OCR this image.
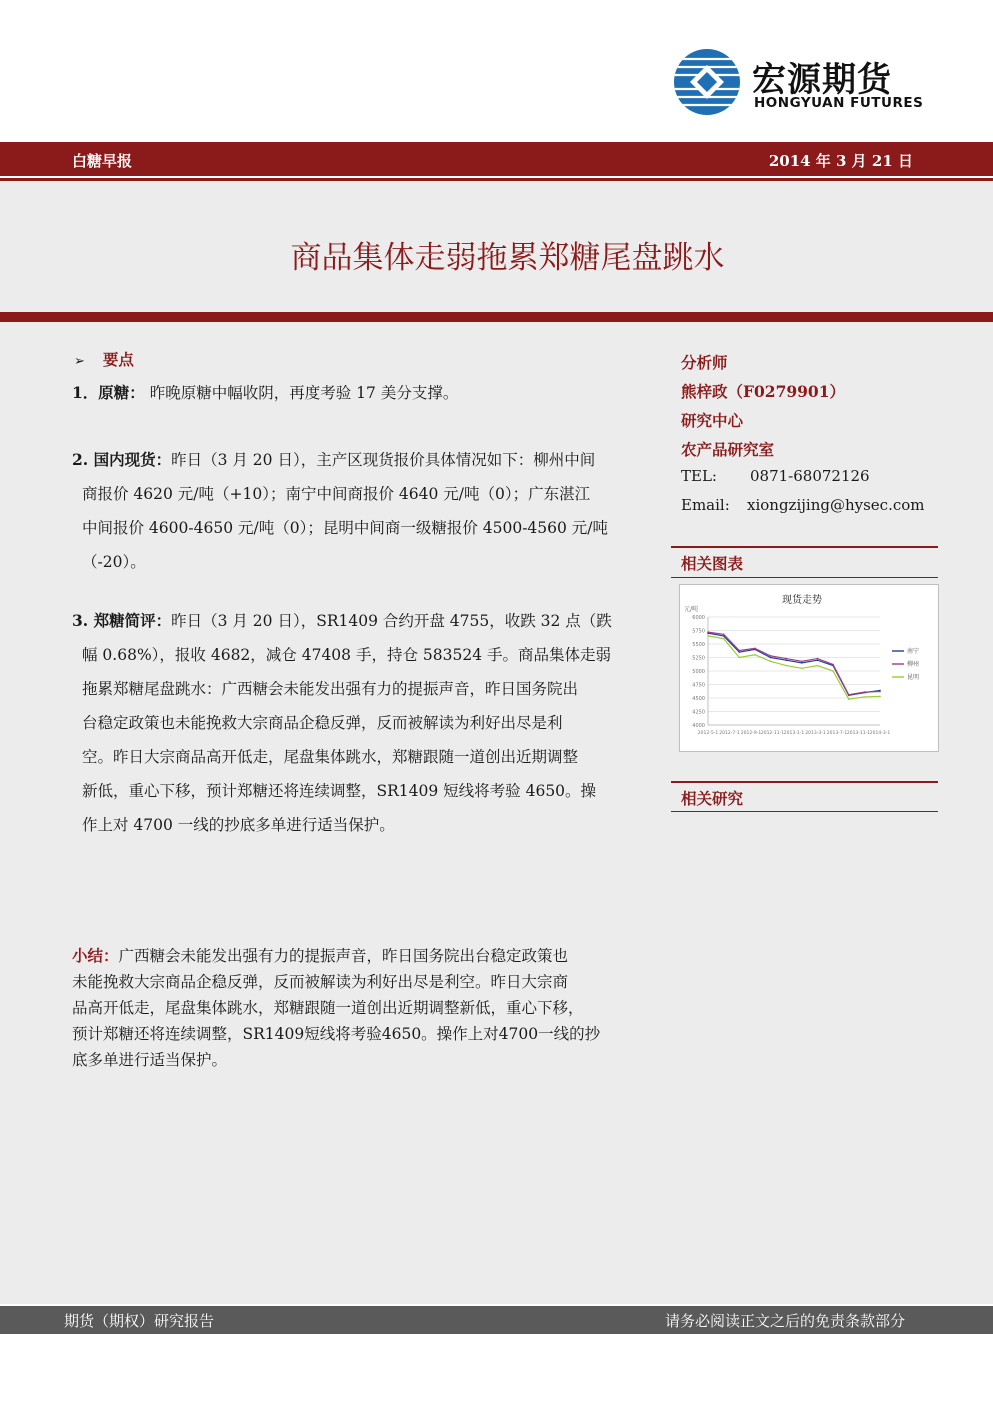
宏源期货
HONGYUAN FUTURES
白糖早报	2014 年 3 月 21 日
商品集体走弱拖累郑糖尾盘跳水
➢ 要点
1．原糖： 昨晚原糖中幅收阴，再度考验 17 美分支撑。
2. 国内现货：昨日（3 月 20 日），主产区现货报价具体情况如下：柳州中间
商报价 4620 元/吨（+10）；南宁中间商报价 4640 元/吨（0）；广东湛江
中间报价 4600-4650 元/吨（0）；昆明中间商一级糖报价 4500-4560 元/吨
（-20）。
3. 郑糖简评：昨日（3 月 20 日），SR1409 合约开盘 4755，收跌 32 点（跌
幅 0.68%），报收 4682，减仓 47408 手，持仓 583524 手。商品集体走弱
拖累郑糖尾盘跳水：广西糖会未能发出强有力的提振声音，昨日国务院出
台稳定政策也未能挽救大宗商品企稳反弹，反而被解读为利好出尽是利
空。昨日大宗商品高开低走，尾盘集体跳水，郑糖跟随一道创出近期调整
新低，重心下移，预计郑糖还将连续调整，SR1409 短线将考验 4650。操
作上对 4700 一线的抄底多单进行适当保护。
小结：广西糖会未能发出强有力的提振声音，昨日国务院出台稳定政策也
未能挽救大宗商品企稳反弹，反而被解读为利好出尽是利空。昨日大宗商
品高开低走，尾盘集体跳水，郑糖跟随一道创出近期调整新低，重心下移，
预计郑糖还将连续调整，SR1409短线将考验4650。操作上对4700一线的抄
底多单进行适当保护。
分析师
熊梓政（F0279901）
研究中心
农产品研究室
TEL: 0871-68072126
Email: xiongzijing@hysec.com
相关图表
现货走势
元/吨
6000
5750
5500
5250
5000
4750
4500
4250
4000
2012-5-1 2012-7-1 2012-9-1 2012-11-1 2013-1-1 2013-3-1 2013-7-1 2013-11-1 2014-3-1
南宁
柳州
昆明
相关研究
期货（期权）研究报告	请务必阅读正文之后的免责条款部分
